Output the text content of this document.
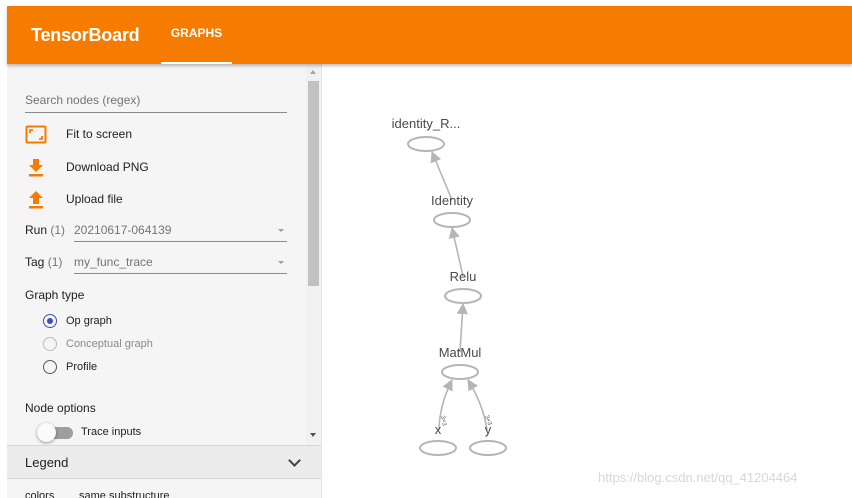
TensorBoard	GRAPHS
Search nodes (regex)
Fit to screen
Download PNG
Upload file
Run (1) 20210617-064139
Tag (1) my_func_trace
Graph type
Op graph
Conceptual graph
Profile
Node options
Trace inputs
Legend
colors same substructure
3×3	3×3
identity_R...
Identity
Relu
MatMul
x	y
https://blog.csdn.net/qq_41204464
